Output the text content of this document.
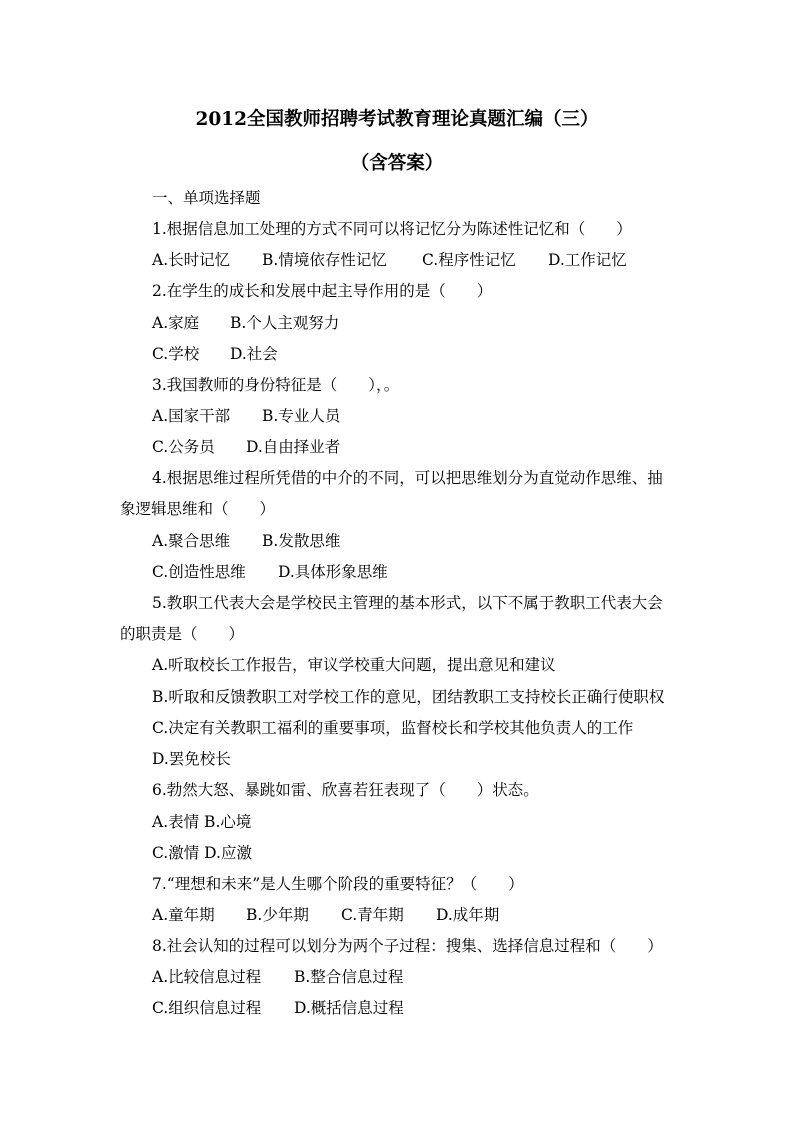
2012全国教师招聘考试教育理论真题汇编（三）
（含答案）
一、单项选择题
1.根据信息加工处理的方式不同可以将记忆分为陈述性记忆和（　　）
A.长时记忆 B.情境依存性记忆 C.程序性记忆 D.工作记忆
2.在学生的成长和发展中起主导作用的是（　　）
A.家庭 B.个人主观努力
C.学校 D.社会
3.我国教师的身份特征是（　　），。
A.国家干部 B.专业人员
C.公务员 D.自由择业者
4.根据思维过程所凭借的中介的不同，可以把思维划分为直觉动作思维、抽
象逻辑思维和（　　）
A.聚合思维 B.发散思维
C.创造性思维 D.具体形象思维
5.教职工代表大会是学校民主管理的基本形式，以下不属于教职工代表大会
的职责是（　　）
A.听取校长工作报告，审议学校重大问题，提出意见和建议
B.听取和反馈教职工对学校工作的意见，团结教职工支持校长正确行使职权
C.决定有关教职工福利的重要事项，监督校长和学校其他负责人的工作
D.罢免校长
6.勃然大怒、暴跳如雷、欣喜若狂表现了（　　）状态。
A.表情 B.心境
C.激情 D.应激
7.“理想和未来”是人生哪个阶段的重要特征？（　　）
A.童年期 B.少年期 C.青年期 D.成年期
8.社会认知的过程可以划分为两个子过程：搜集、选择信息过程和（　　）
A.比较信息过程 B.整合信息过程
C.组织信息过程 D.概括信息过程
